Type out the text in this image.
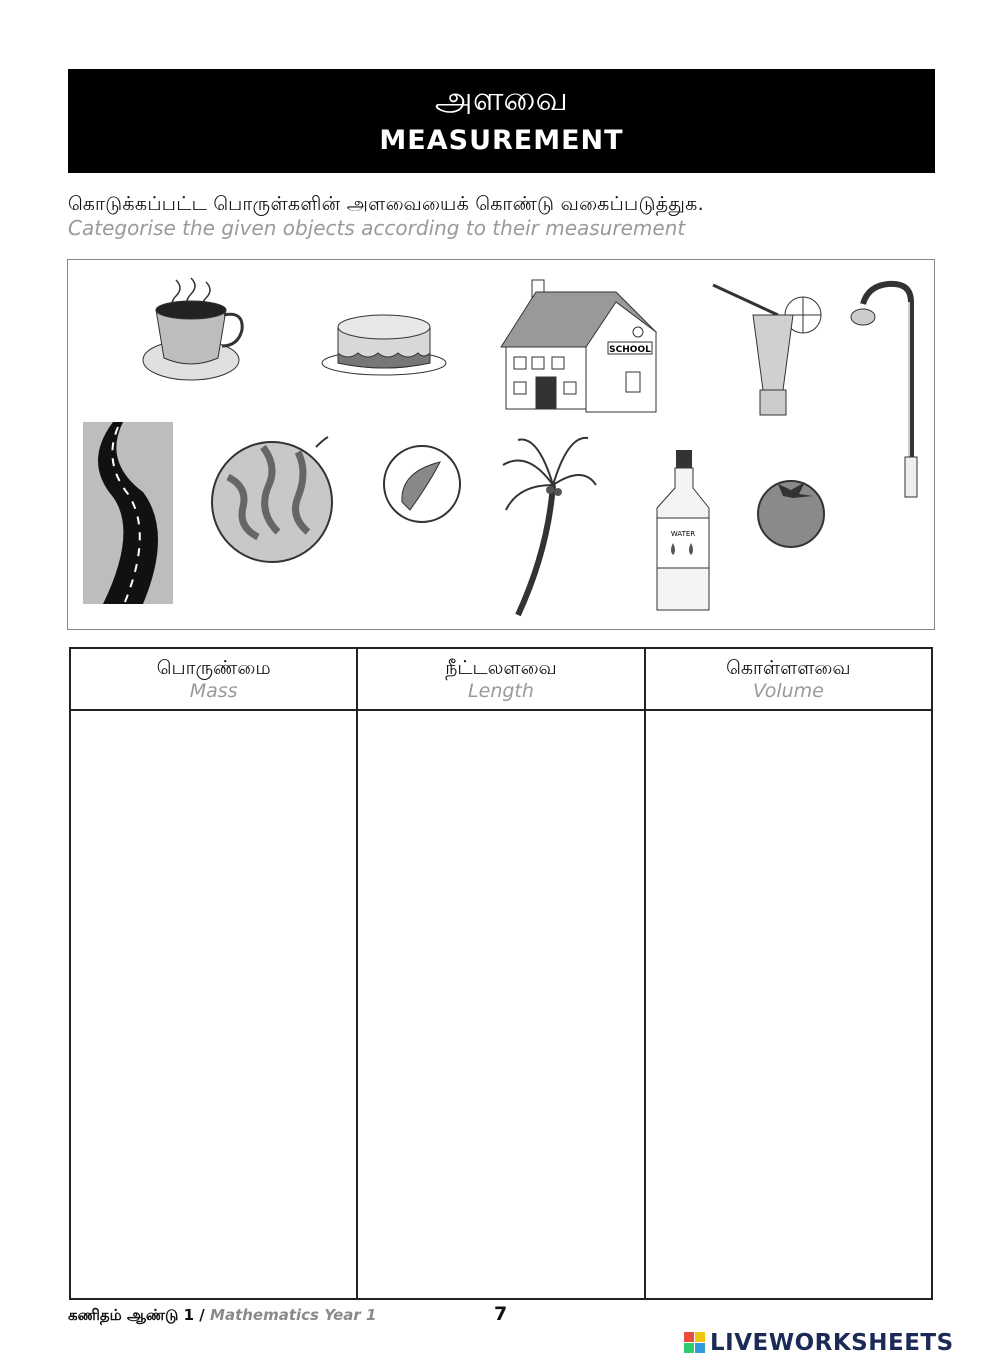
அளவை
MEASUREMENT
கொடுக்கப்பட்ட பொருள்களின் அளவையைக் கொண்டு வகைப்படுத்துக.
Categorise the given objects according to their measurement
SCHOOL
WATER
பொருண்மை
Mass	நீட்டலளவை
Length	கொள்ளளவை
Volume

கணிதம் ஆண்டு 1 / Mathematics Year 1	7
LIVEWORKSHEETS
